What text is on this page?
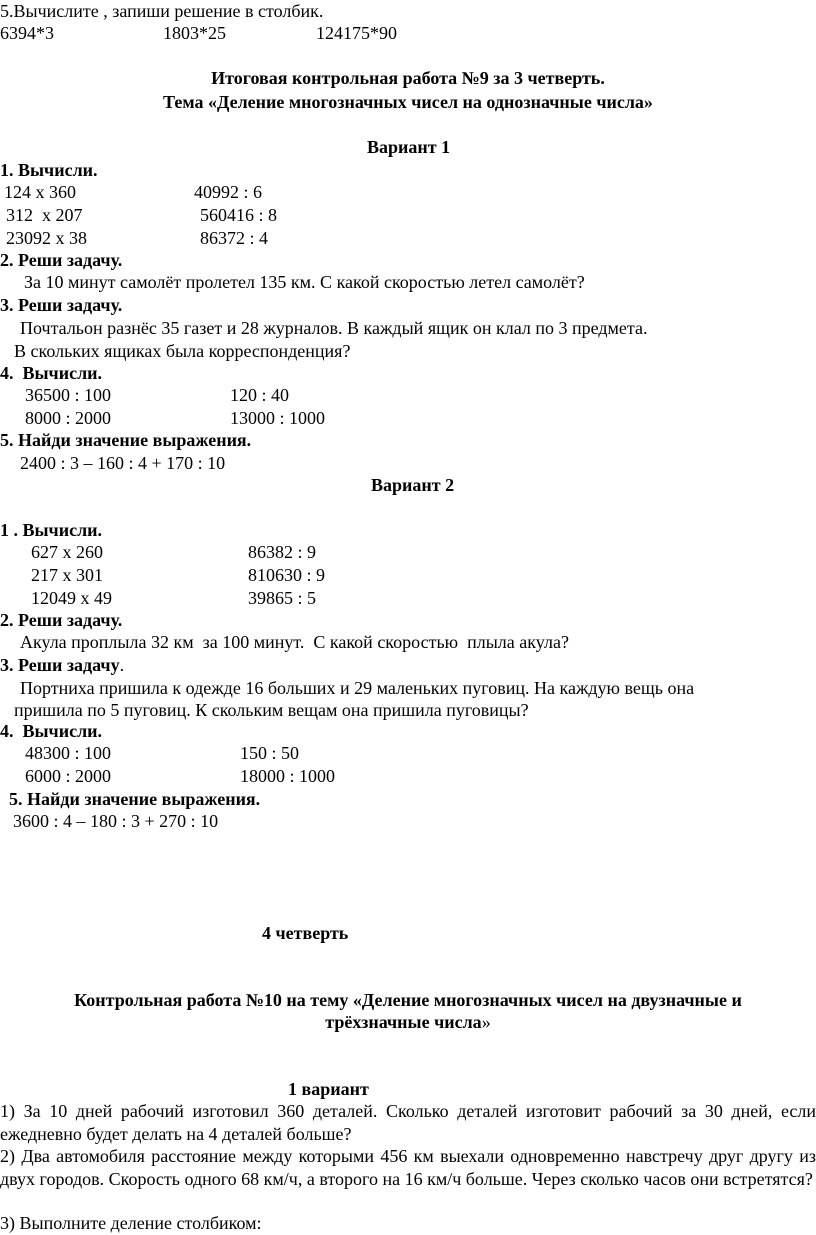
5.Вычислите , запиши решение в столбик.
6394*3	1803*25	124175*90
Итоговая контрольная работа №9 за 3 четверть.
Тема «Деление многозначных чисел на однозначные числа»
Вариант 1
1. Вычисли.
124 х 360
312  х 207
23092 х 38
40992 : 6
560416 : 8
86372 : 4
2. Реши задачу.
За 10 минут самолёт пролетел 135 км. С какой скоростью летел самолёт?
3. Реши задачу.
Почтальон разнёс 35 газет и 28 журналов. В каждый ящик он клал по 3 предмета.
В скольких ящиках была корреспонденция?
4.  Вычисли.
36500 : 100
8000 : 2000
120 : 40
13000 : 1000
5. Найди значение выражения.
2400 : 3 – 160 : 4 + 170 : 10
Вариант 2
1 . Вычисли.
627 х 260
217 х 301
12049 х 49
86382 : 9
810630 : 9
39865 : 5
2. Реши задачу.
Акула проплыла 32 км  за 100 минут.  С какой скоростью  плыла акула?
3. Реши задачу.
Портниха пришила к одежде 16 больших и 29 маленьких пуговиц. На каждую вещь она
пришила по 5 пуговиц. К скольким вещам она пришила пуговицы?
4.  Вычисли.
48300 : 100
6000 : 2000
150 : 50
18000 : 1000
5. Найди значение выражения.
3600 : 4 – 180 : 3 + 270 : 10
4 четверть
Контрольная работа №10 на тему «Деление многозначных чисел на двузначные и
трёхзначные числа»
1 вариант
1) За 10 дней рабочий изготовил 360 деталей. Сколько деталей изготовит рабочий за 30 дней, если ежедневно будет делать на 4 деталей больше?
2) Два автомобиля расстояние между которыми 456 км выехали одновременно навстречу друг другу из двух городов. Скорость одного 68 км/ч, а второго на 16 км/ч больше. Через сколько часов они встретятся?
3) Выполните деление столбиком:
